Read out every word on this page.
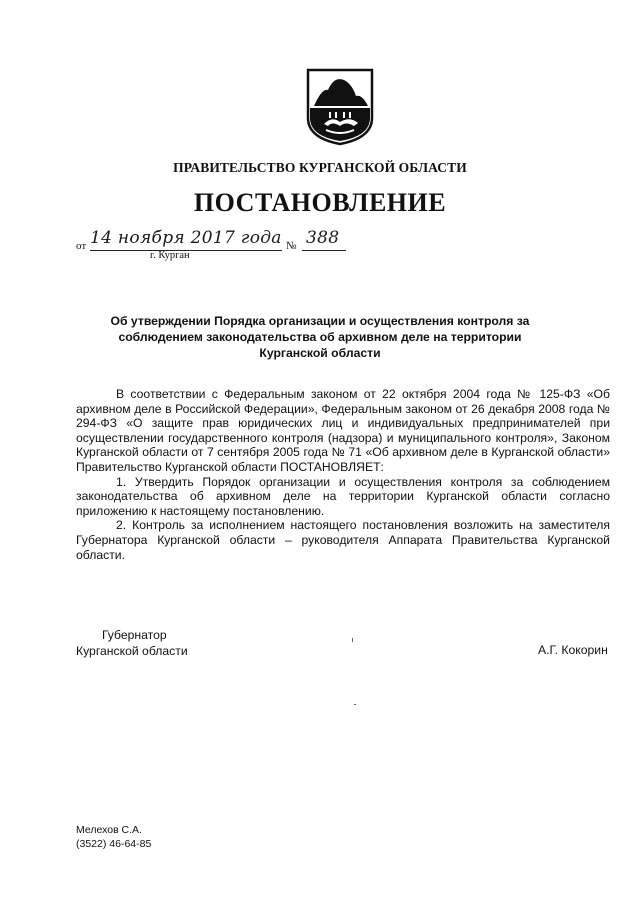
ПРАВИТЕЛЬСТВО КУРГАНСКОЙ ОБЛАСТИ
ПОСТАНОВЛЕНИЕ
от 14 ноября 2017 года № 388
г. Курган
Об утверждении Порядка организации и осуществления контроля за соблюдением законодательства об архивном деле на территории Курганской области

В соответствии с Федеральным законом от 22 октября 2004 года № 125-ФЗ «Об архивном деле в Российской Федерации», Федеральным законом от 26 декабря 2008 года № 294-ФЗ «О защите прав юридических лиц и индивидуальных предпринимателей при осуществлении государственного контроля (надзора) и муниципального контроля», Законом Курганской области от 7 сентября 2005 года № 71 «Об архивном деле в Курганской области» Правительство Курганской области ПОСТАНОВЛЯЕТ:

1. Утвердить Порядок организации и осуществления контроля за соблюдением законодательства об архивном деле на территории Курганской области согласно приложению к настоящему постановлению.

2. Контроль за исполнением настоящего постановления возложить на заместителя Губернатора Курганской области – руководителя Аппарата Правительства Курганской области.

Губернатор
Курганской области	А.Г. Кокорин
Мелехов С.А.
(3522) 46-64-85
